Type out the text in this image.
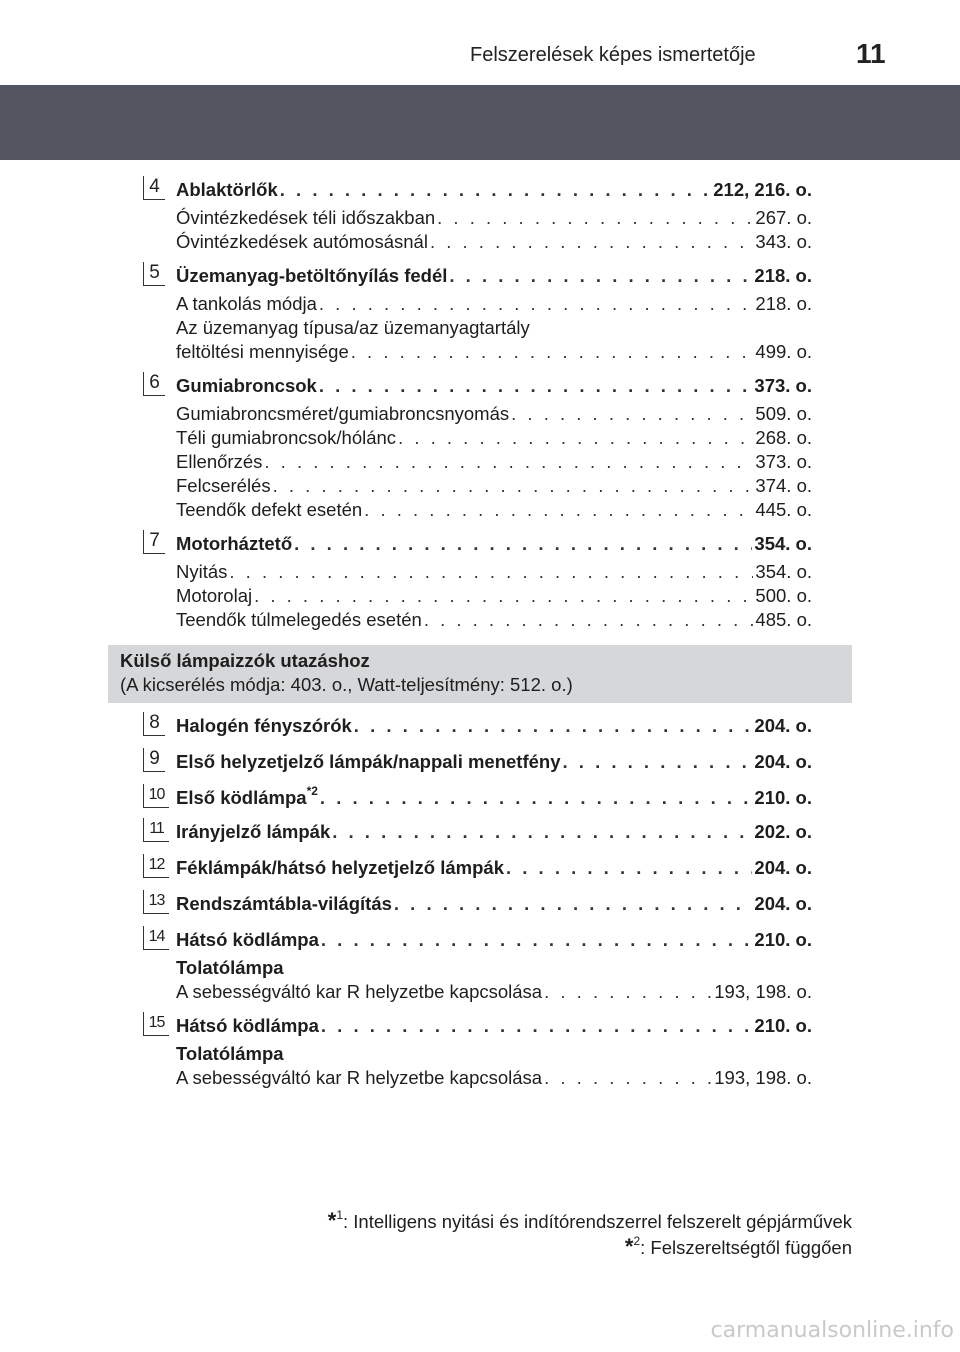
Felszerelések képes ismertetője	11
4 Ablaktörlők . . .	212, 216. o.
Óvintézkedések téli időszakban . . .	267. o.
Óvintézkedések autómosásnál . . .	343. o.
5 Üzemanyag-betöltőnyílás fedél . . .	218. o.
A tankolás módja . . .	218. o.
Az üzemanyag típusa/az üzemanyagtartály
feltöltési mennyisége . . .	499. o.
6 Gumiabroncsok . . .	373. o.
Gumiabroncsméret/gumiabroncsnyomás . . .	509. o.
Téli gumiabroncsok/hólánc . . .	268. o.
Ellenőrzés . . .	373. o.
Felcserélés . . .	374. o.
Teendők defekt esetén . . .	445. o.
7 Motorháztető . . .	354. o.
Nyitás . . .	354. o.
Motorolaj . . .	500. o.
Teendők túlmelegedés esetén . . .	485. o.
Külső lámpaizzók utazáshoz
(A kicserélés módja: 403. o., Watt-teljesítmény: 512. o.)
8 Halogén fényszórók . . .	204. o.
9 Első helyzetjelző lámpák/nappali menetfény . . .	204. o.
10 Első ködlámpa$^{*2}$ . . .	210. o.
11 Irányjelző lámpák . . .	202. o.
12 Féklámpák/hátsó helyzetjelző lámpák . . .	204. o.
13 Rendszámtábla-világítás . . .	204. o.
14 Hátsó ködlámpa . . .	210. o.
Tolatólámpa
A sebességváltó kar R helyzetbe kapcsolása . . .	193, 198. o.
15 Hátsó ködlámpa . . .	210. o.
Tolatólámpa
A sebességváltó kar R helyzetbe kapcsolása . . .	193, 198. o.
*$^1$: Intelligens nyitási és indítórendszerrel felszerelt gépjárművek
*$^2$: Felszereltségtől függően
carmanualsonline.info
